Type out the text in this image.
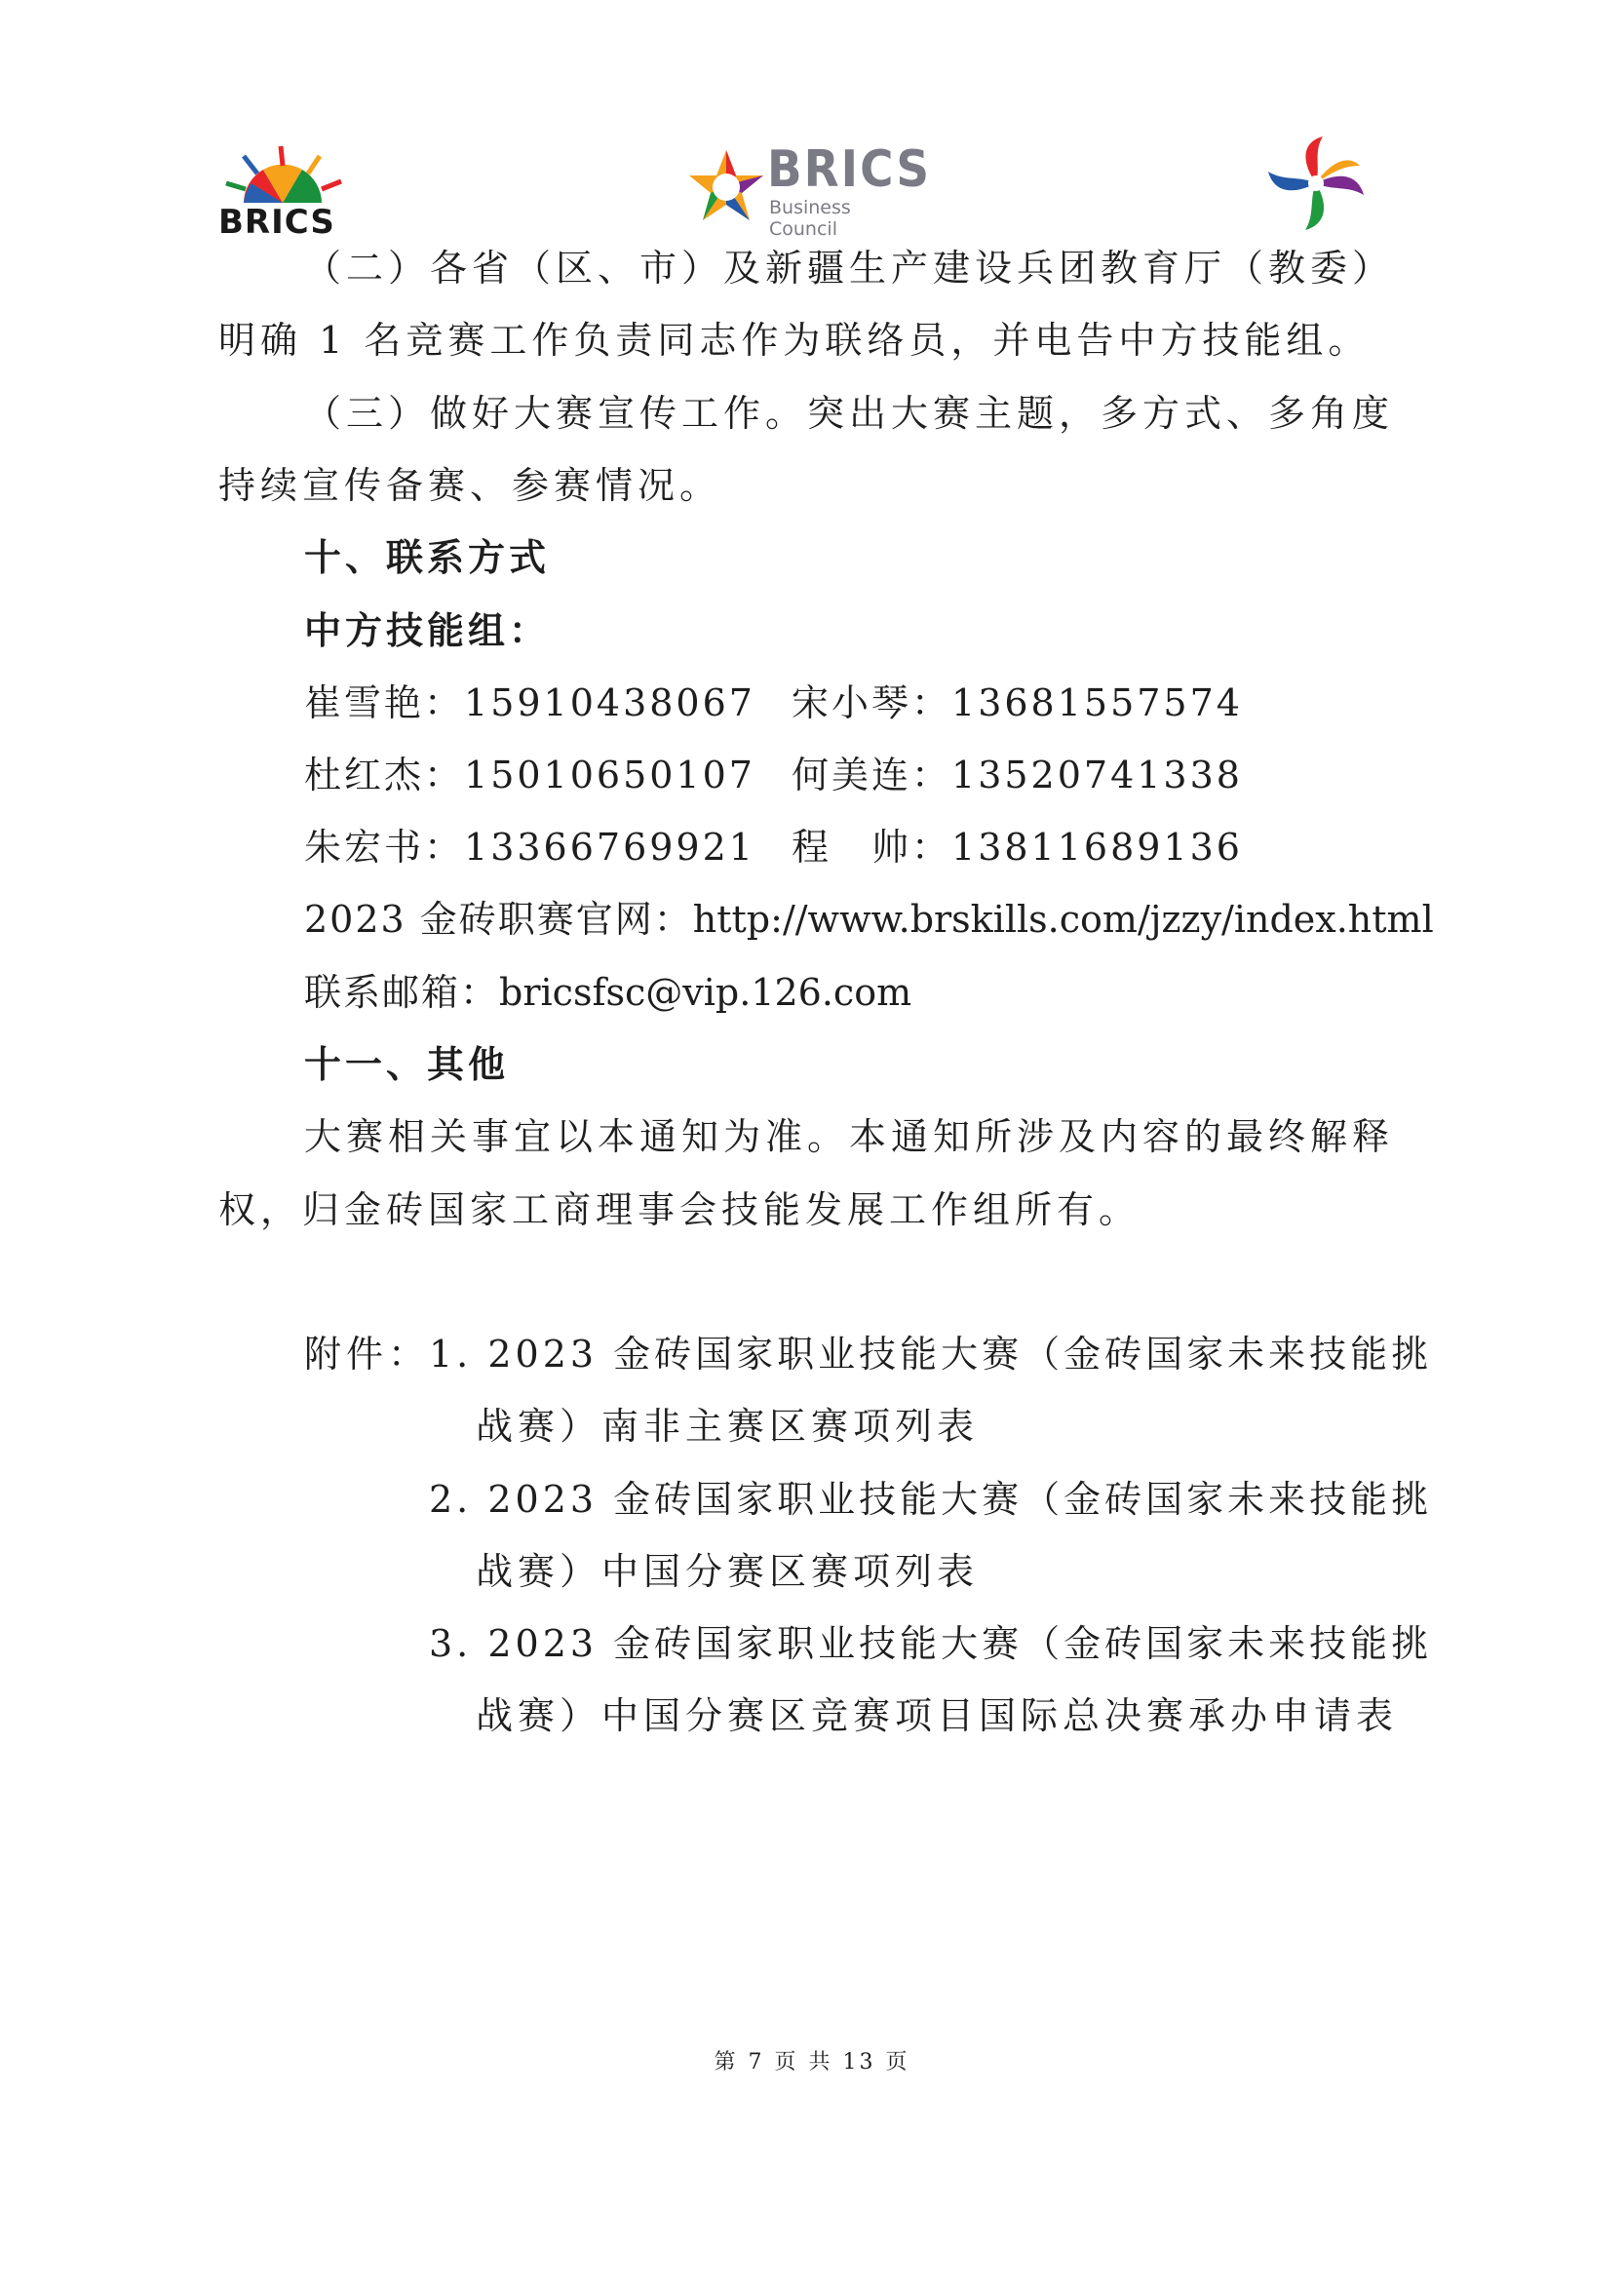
BRICS
BRICS
Business Council

（二）各省（区、市）及新疆生产建设兵团教育厅（教委）

明确 1 名竞赛工作负责同志作为联络员，并电告中方技能组。

（三）做好大赛宣传工作。突出大赛主题，多方式、多角度

持续宣传备赛、参赛情况。

十、联系方式

中方技能组：

崔雪艳：15910438067 宋小琴：13681557574
杜红杰：15010650107 何美连：13520741338
朱宏书：13366769921 程　帅：13811689136
2023 金砖职赛官网：http://www.brskills.com/jzzy/index.html
联系邮箱：bricsfsc@vip.126.com

十一、其他

大赛相关事宜以本通知为准。本通知所涉及内容的最终解释

权，归金砖国家工商理事会技能发展工作组所有。

附件：

1. 2023 金砖国家职业技能大赛（金砖国家未来技能挑

战赛）南非主赛区赛项列表

2. 2023 金砖国家职业技能大赛（金砖国家未来技能挑

战赛）中国分赛区赛项列表

3. 2023 金砖国家职业技能大赛（金砖国家未来技能挑

战赛）中国分赛区竞赛项目国际总决赛承办申请表

第 7 页 共 13 页
